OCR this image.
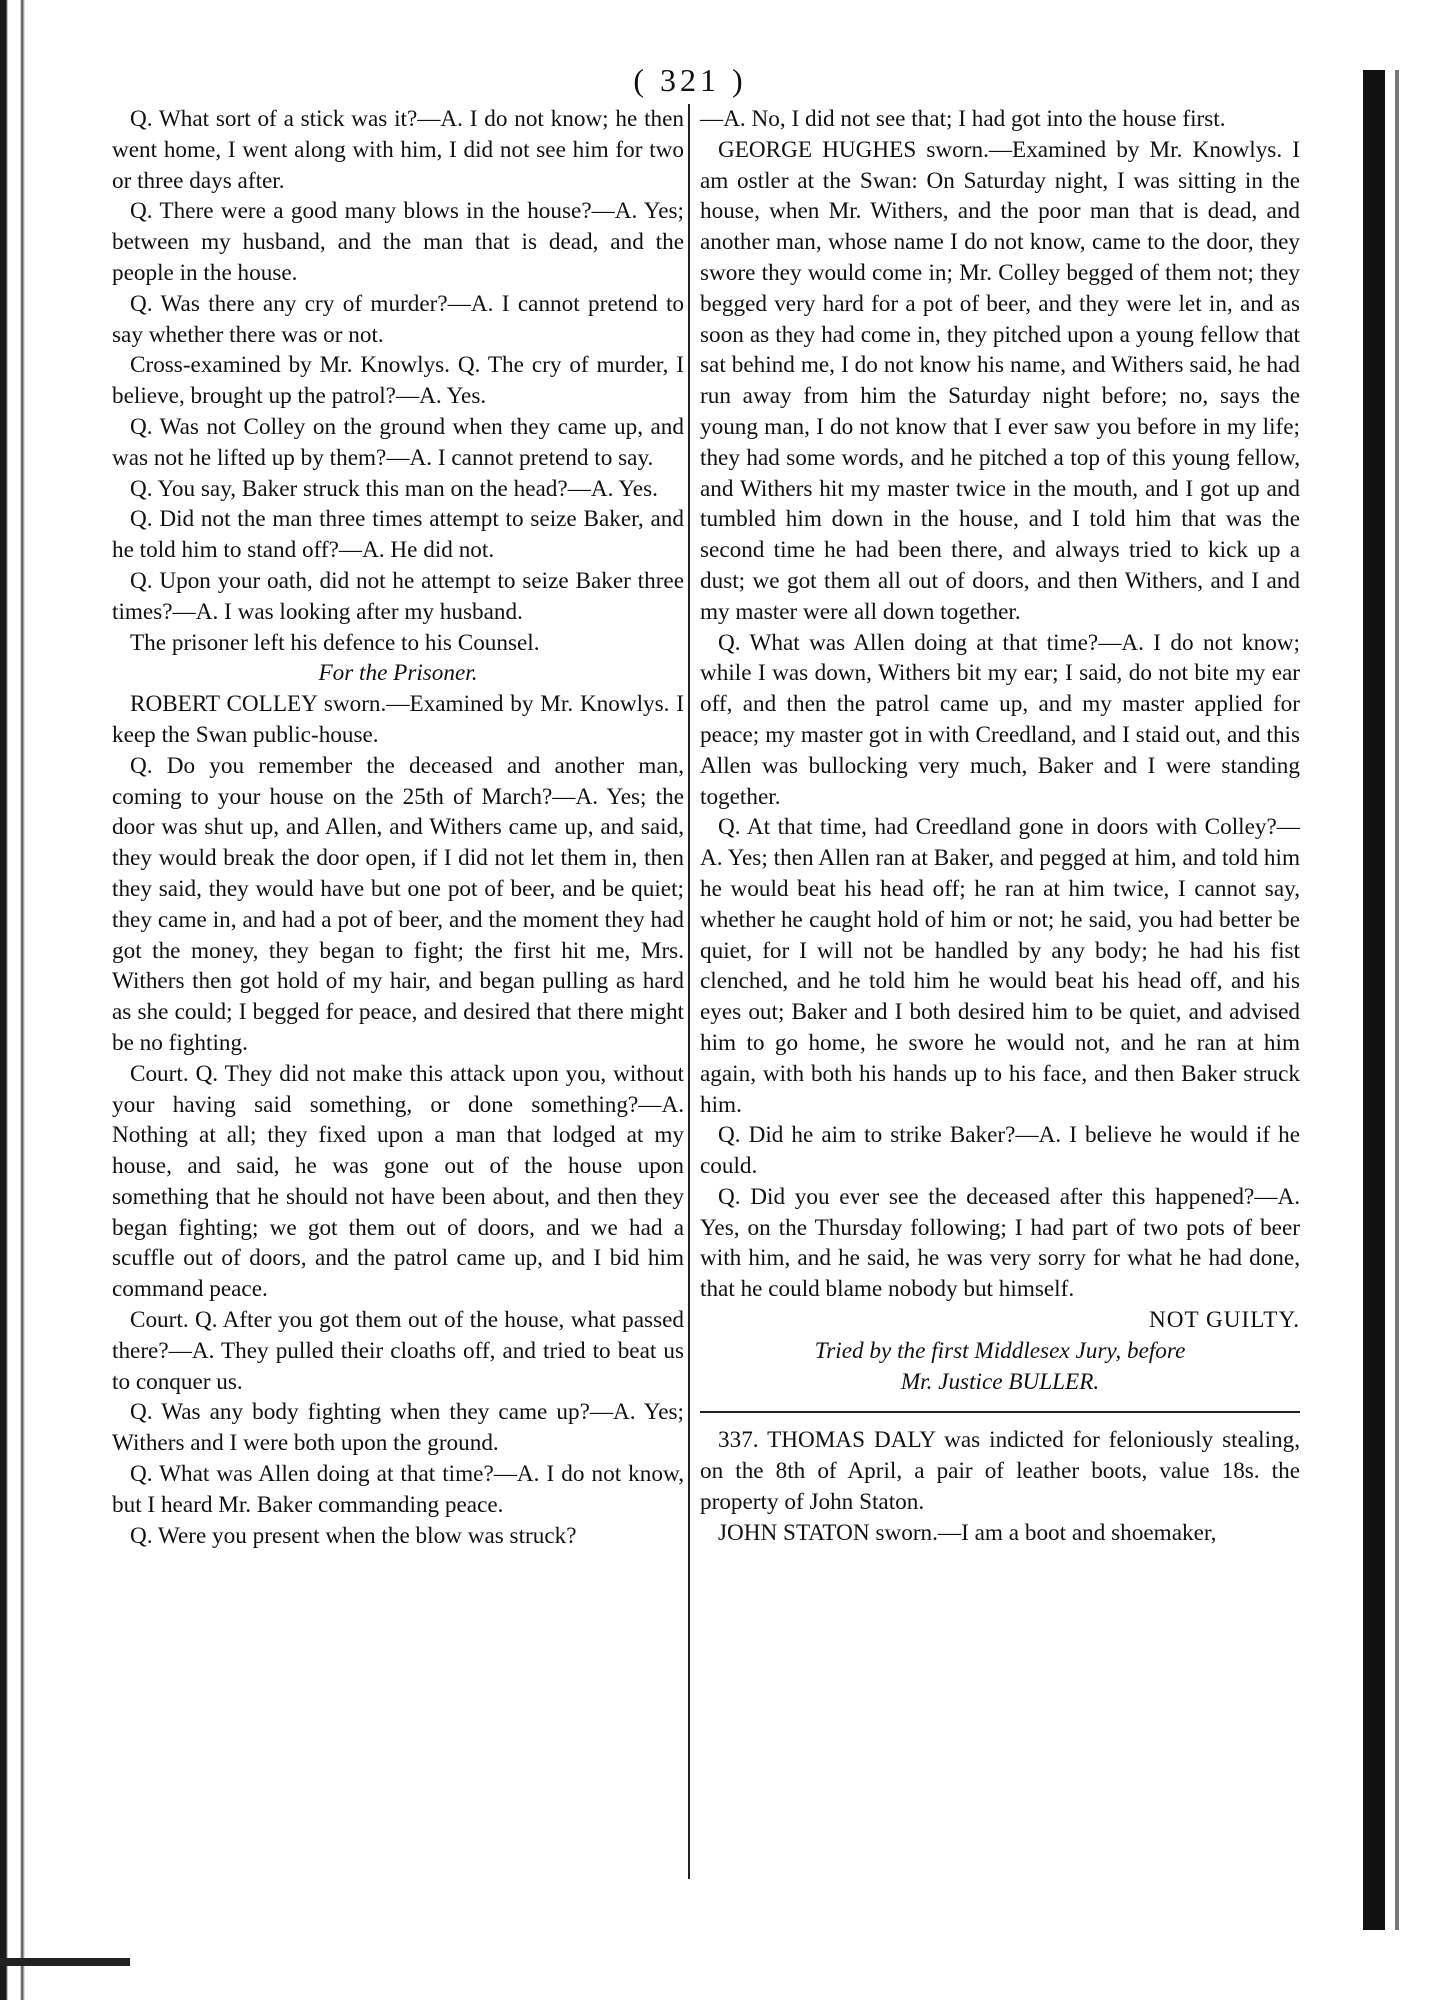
( 321 )

Q. What sort of a stick was it?—A. I do not know; he then went home, I went along with him, I did not see him for two or three days after.

Q. There were a good many blows in the house?—A. Yes; between my husband, and the man that is dead, and the people in the house.

Q. Was there any cry of murder?—A. I cannot pretend to say whether there was or not.

Cross-examined by Mr. Knowlys. Q. The cry of murder, I believe, brought up the patrol?—A. Yes.

Q. Was not Colley on the ground when they came up, and was not he lifted up by them?—A. I cannot pretend to say.

Q. You say, Baker struck this man on the head?—A. Yes.

Q. Did not the man three times attempt to seize Baker, and he told him to stand off?—A. He did not.

Q. Upon your oath, did not he attempt to seize Baker three times?—A. I was looking after my husband.

The prisoner left his defence to his Counsel.

For the Prisoner.

ROBERT COLLEY sworn.—Examined by Mr. Knowlys. I keep the Swan public-house.

Q. Do you remember the deceased and another man, coming to your house on the 25th of March?—A. Yes; the door was shut up, and Allen, and Withers came up, and said, they would break the door open, if I did not let them in, then they said, they would have but one pot of beer, and be quiet; they came in, and had a pot of beer, and the moment they had got the money, they began to fight; the first hit me, Mrs. Withers then got hold of my hair, and began pulling as hard as she could; I begged for peace, and desired that there might be no fighting.

Court. Q. They did not make this attack upon you, without your having said something, or done something?—A. Nothing at all; they fixed upon a man that lodged at my house, and said, he was gone out of the house upon something that he should not have been about, and then they began fighting; we got them out of doors, and we had a scuffle out of doors, and the patrol came up, and I bid him command peace.

Court. Q. After you got them out of the house, what passed there?—A. They pulled their cloaths off, and tried to beat us to conquer us.

Q. Was any body fighting when they came up?—A. Yes; Withers and I were both upon the ground.

Q. What was Allen doing at that time?—A. I do not know, but I heard Mr. Baker commanding peace.

Q. Were you present when the blow was struck?

—A. No, I did not see that; I had got into the house first.

GEORGE HUGHES sworn.—Examined by Mr. Knowlys. I am ostler at the Swan: On Saturday night, I was sitting in the house, when Mr. Withers, and the poor man that is dead, and another man, whose name I do not know, came to the door, they swore they would come in; Mr. Colley begged of them not; they begged very hard for a pot of beer, and they were let in, and as soon as they had come in, they pitched upon a young fellow that sat behind me, I do not know his name, and Withers said, he had run away from him the Saturday night before; no, says the young man, I do not know that I ever saw you before in my life; they had some words, and he pitched a top of this young fellow, and Withers hit my master twice in the mouth, and I got up and tumbled him down in the house, and I told him that was the second time he had been there, and always tried to kick up a dust; we got them all out of doors, and then Withers, and I and my master were all down together.

Q. What was Allen doing at that time?—A. I do not know; while I was down, Withers bit my ear; I said, do not bite my ear off, and then the patrol came up, and my master applied for peace; my master got in with Creedland, and I staid out, and this Allen was bullocking very much, Baker and I were standing together.

Q. At that time, had Creedland gone in doors with Colley?—A. Yes; then Allen ran at Baker, and pegged at him, and told him he would beat his head off; he ran at him twice, I cannot say, whether he caught hold of him or not; he said, you had better be quiet, for I will not be handled by any body; he had his fist clenched, and he told him he would beat his head off, and his eyes out; Baker and I both desired him to be quiet, and advised him to go home, he swore he would not, and he ran at him again, with both his hands up to his face, and then Baker struck him.

Q. Did he aim to strike Baker?—A. I believe he would if he could.

Q. Did you ever see the deceased after this happened?—A. Yes, on the Thursday following; I had part of two pots of beer with him, and he said, he was very sorry for what he had done, that he could blame nobody but himself.

NOT GUILTY.

Tried by the first Middlesex Jury, before

Mr. Justice BULLER.

337. THOMAS DALY was indicted for feloniously stealing, on the 8th of April, a pair of leather boots, value 18s. the property of John Staton.

JOHN STATON sworn.—I am a boot and shoemaker,
